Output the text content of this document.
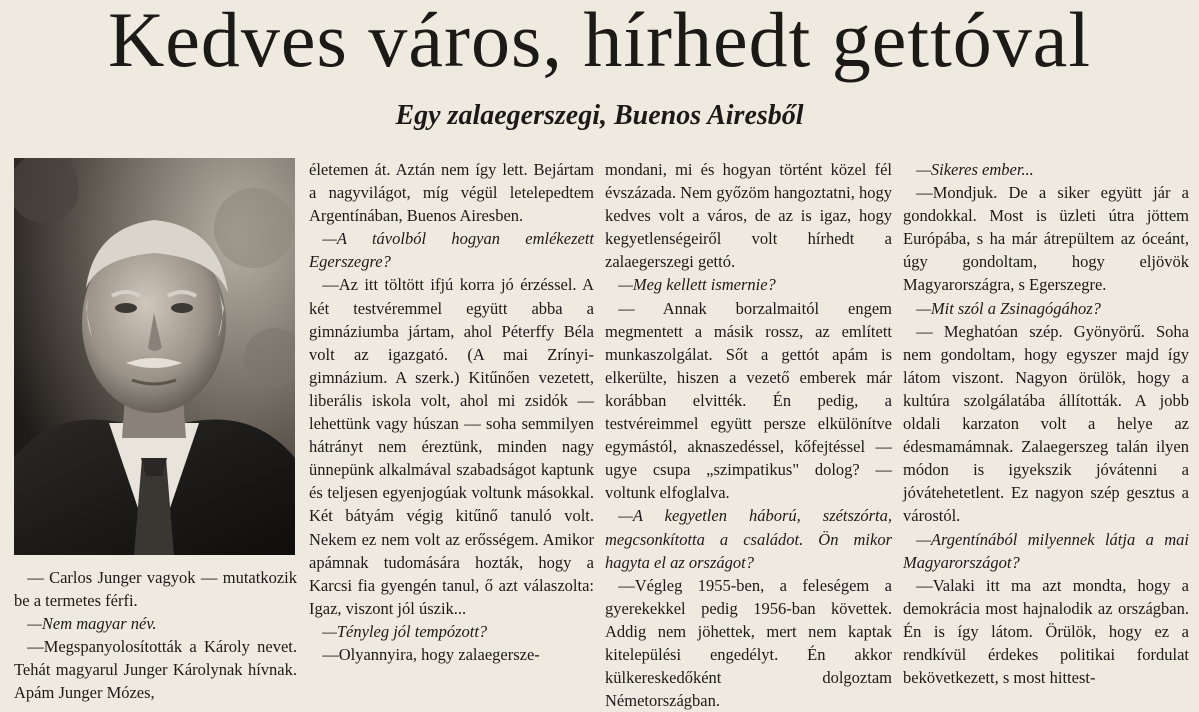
Kedves város, hírhedt gettóval
Egy zalaegerszegi, Buenos Airesből

— Carlos Junger vagyok — mutatkozik be a termetes férfi.

—Nem magyar név.

—Megspanyolosították a Károly nevet. Tehát magyarul Junger Károlynak hívnak. Apám Junger Mózes,

életemen át. Aztán nem így lett. Bejártam a nagyvilágot, míg végül letelepedtem Argentínában, Buenos Airesben.

—A távolból hogyan emlékezett Egerszegre?

—Az itt töltött ifjú korra jó érzéssel. A két testvéremmel együtt abba a gimnáziumba jártam, ahol Péterffy Béla volt az igazgató. (A mai Zrínyi-gimnázium. A szerk.) Kitűnően vezetett, liberális iskola volt, ahol mi zsidók — lehettünk vagy húszan — soha semmilyen hátrányt nem éreztünk, minden nagy ünnepünk alkalmával szabadságot kaptunk és teljesen egyenjogúak voltunk másokkal. Két bátyám végig kitűnő tanuló volt. Nekem ez nem volt az erősségem. Amikor apámnak tudomására hozták, hogy a Karcsi fia gyengén tanul, ő azt válaszolta: Igaz, viszont jól úszik...

—Tényleg jól tempózott?

—Olyannyira, hogy zalaegersze-

mondani, mi és hogyan történt közel fél évszázada. Nem győzöm hangoztatni, hogy kedves volt a város, de az is igaz, hogy kegyetlenségeiről volt hírhedt a zalaegerszegi gettó.

—Meg kellett ismernie?

— Annak borzalmaitól engem megmentett a másik rossz, az említett munkaszolgálat. Sőt a gettót apám is elkerülte, hiszen a vezető emberek már korábban elvitték. Én pedig, a testvéreimmel együtt persze elkülönítve egymástól, aknaszedéssel, kőfejtéssel — ugye csupa „szimpatikus" dolog? — voltunk elfoglalva.

—A kegyetlen háború, szétszórta, megcsonkította a családot. Ön mikor hagyta el az országot?

—Végleg 1955-ben, a feleségem a gyerekekkel pedig 1956-ban követtek. Addig nem jöhettek, mert nem kaptak kitelepülési engedélyt. Én akkor külkereskedőként dolgoztam Németországban.

—Sikeres ember...

—Mondjuk. De a siker együtt jár a gondokkal. Most is üzleti útra jöttem Európába, s ha már átrepültem az óceánt, úgy gondoltam, hogy eljövök Magyarországra, s Egerszegre.

—Mit szól a Zsinagógához?

— Meghatóan szép. Gyönyörű. Soha nem gondoltam, hogy egyszer majd így látom viszont. Nagyon örülök, hogy a kultúra szolgálatába állították. A jobb oldali karzaton volt a helye az édesmamámnak. Zalaegerszeg talán ilyen módon is igyekszik jóvátenni a jóvátehetetlent. Ez nagyon szép gesztus a várostól.

—Argentínából milyennek látja a mai Magyarországot?

—Valaki itt ma azt mondta, hogy a demokrácia most hajnalodik az országban. Én is így látom. Örülök, hogy ez a rendkívül érdekes politikai fordulat bekövetkezett, s most hittest-
